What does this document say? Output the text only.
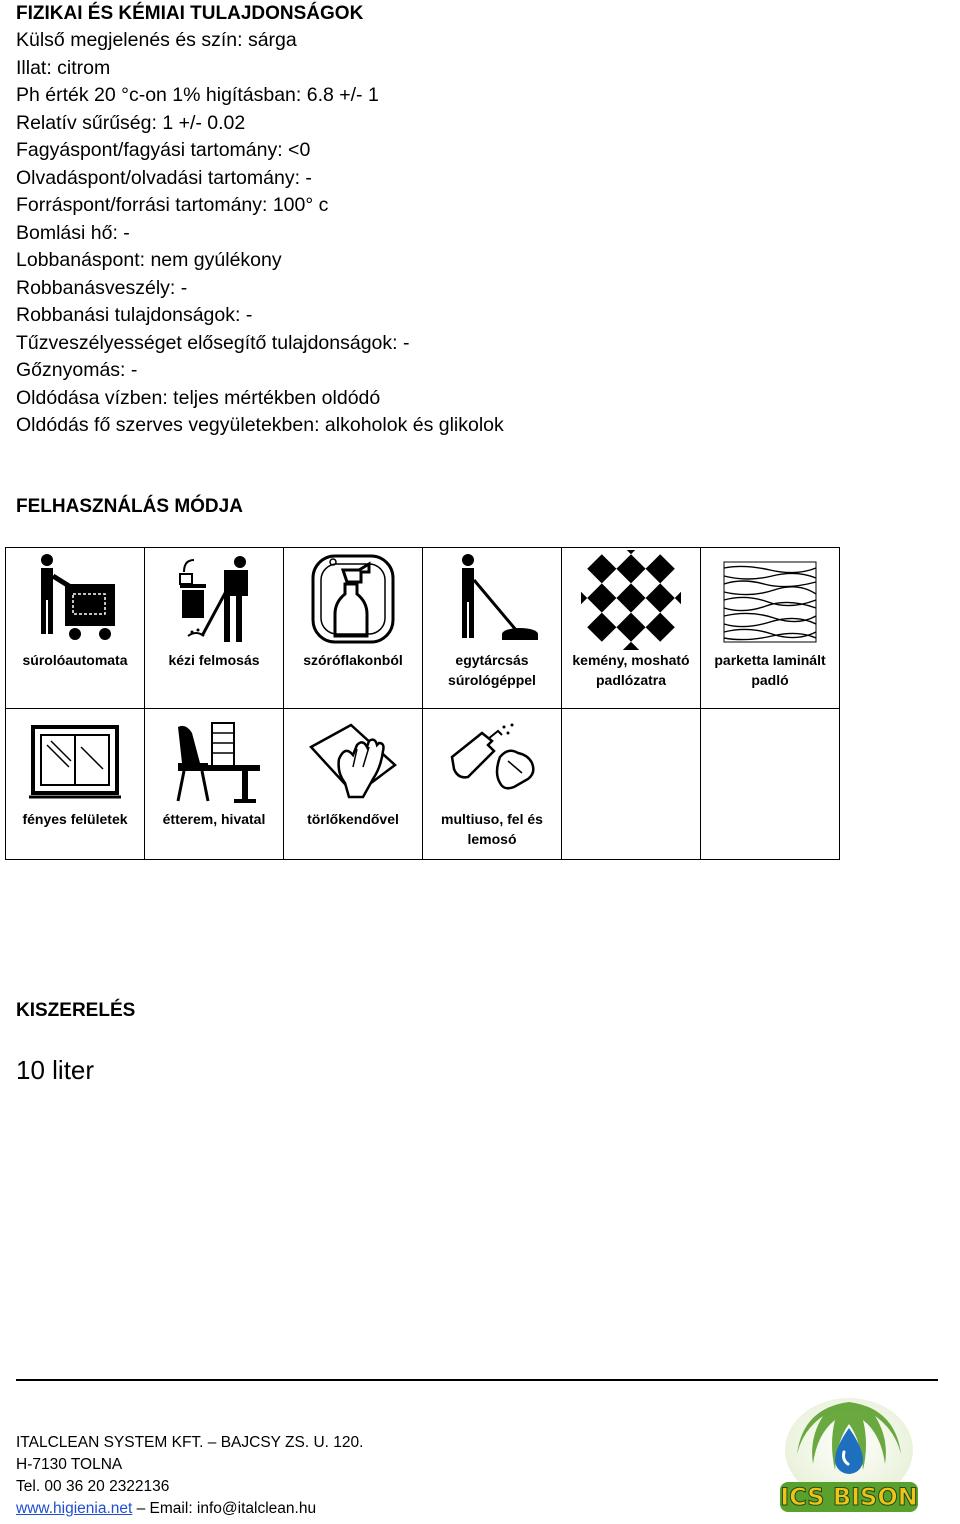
FIZIKAI ÉS KÉMIAI TULAJDONSÁGOK
Külső megjelenés és szín: sárga
Illat: citrom
Ph érték 20 °c-on 1% higításban: 6.8 +/- 1
Relatív sűrűség: 1 +/- 0.02
Fagyáspont/fagyási tartomány: <0
Olvadáspont/olvadási tartomány: -
Forráspont/forrási tartomány: 100° c
Bomlási hő: -
Lobbanáspont: nem gyúlékony
Robbanásveszély: -
Robbanási tulajdonságok: -
Tűzveszélyességet elősegítő tulajdonságok: -
Gőznyomás: -
Oldódása vízben: teljes mértékben oldódó
Oldódás fő szerves vegyületekben: alkoholok és glikolok
FELHASZNÁLÁS MÓDJA
súrolóautomata	kézi felmosás	szóróflakonból	egytárcsás súrológéppel	kemény, mosható padlózatra	parketta laminált padló

fényes felületek	étterem, hivatal	törlőkendővel	multiuso, fel és lemosó		

KISZERELÉS
10 liter
ITALCLEAN SYSTEM KFT. – BAJCSY ZS. U. 120.
H-7130 TOLNA
Tel. 00 36 20 2322136
www.higienia.net – Email: info@italclean.hu	ICS BISON
